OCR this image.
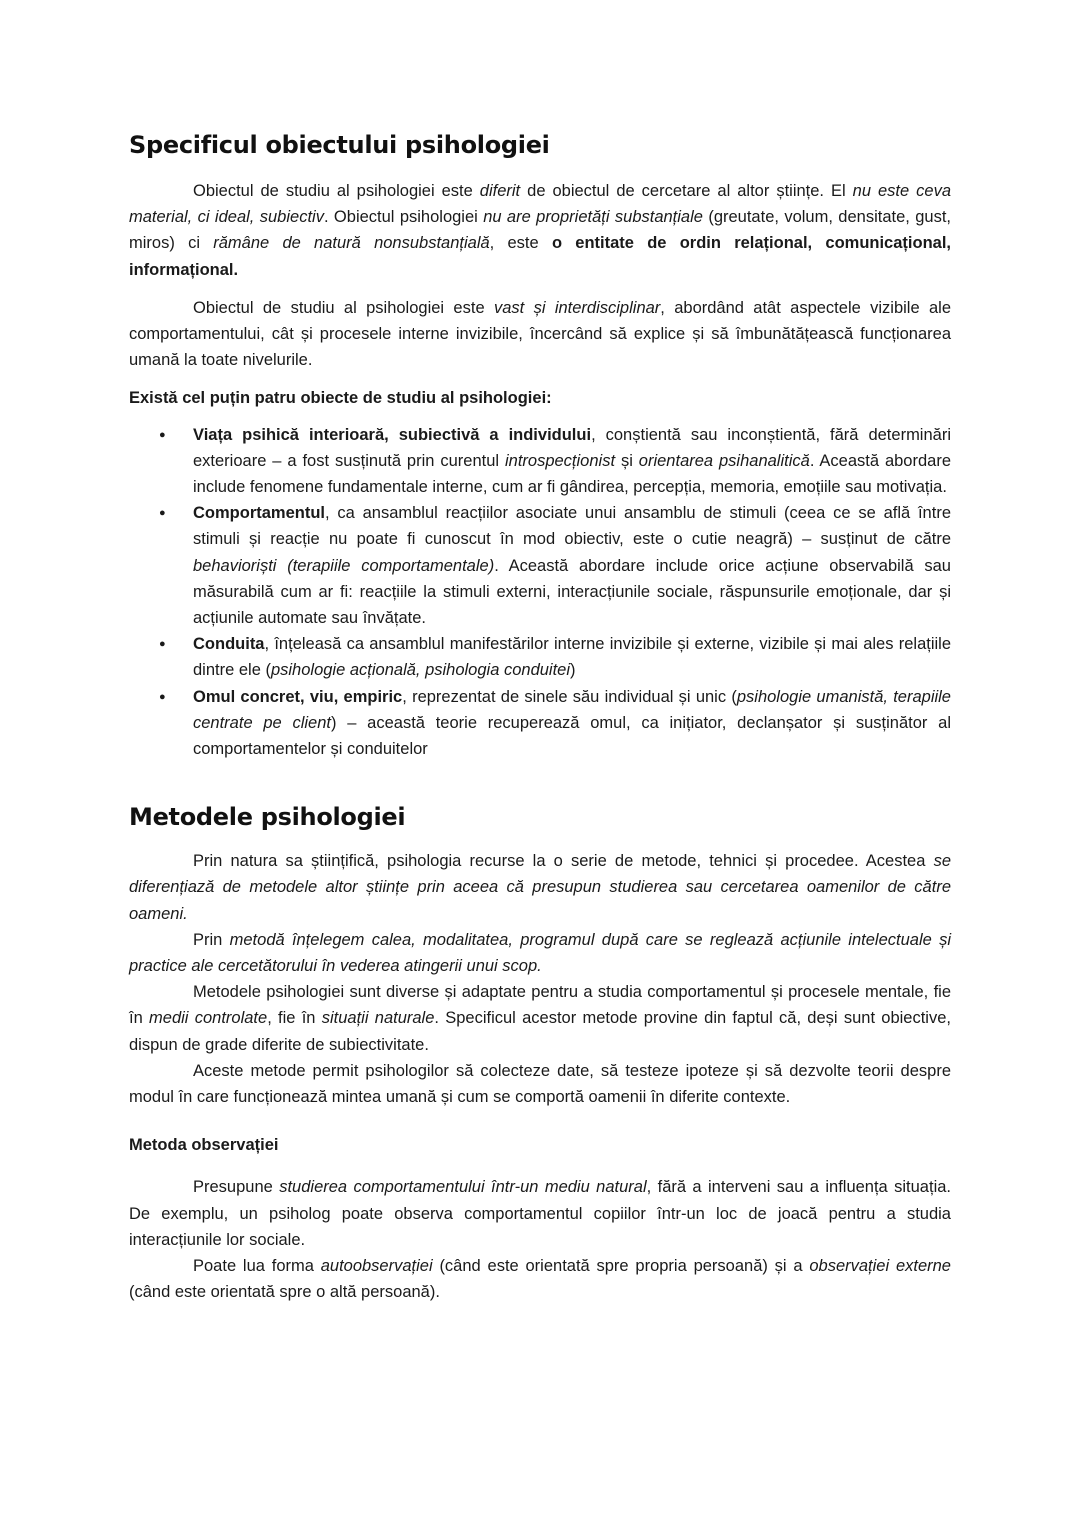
Specificul obiectului psihologiei

Obiectul de studiu al psihologiei este diferit de obiectul de cercetare al altor științe. El nu este ceva material, ci ideal, subiectiv. Obiectul psihologiei nu are proprietăți substanțiale (greutate, volum, densitate, gust, miros) ci rămâne de natură nonsubstanțială, este o entitate de ordin relațional, comunicațional, informațional.

Obiectul de studiu al psihologiei este vast și interdisciplinar, abordând atât aspectele vizibile ale comportamentului, cât și procesele interne invizibile, încercând să explice și să îmbunătățească funcționarea umană la toate nivelurile.

Există cel puțin patru obiecte de studiu al psihologiei:

● Viața psihică interioară, subiectivă a individului, conștientă sau inconștientă, fără determinări exterioare – a fost susținută prin curentul introspecționist și orientarea psihanalitică. Această abordare include fenomene fundamentale interne, cum ar fi gândirea, percepția, memoria, emoțiile sau motivația.
● Comportamentul, ca ansamblul reacțiilor asociate unui ansamblu de stimuli (ceea ce se află între stimuli și reacție nu poate fi cunoscut în mod obiectiv, este o cutie neagră) – susținut de către behavioriști (terapiile comportamentale). Această abordare include orice acțiune observabilă sau măsurabilă cum ar fi: reacțiile la stimuli externi, interacțiunile sociale, răspunsurile emoționale, dar și acțiunile automate sau învățate.
● Conduita, înțeleasă ca ansamblul manifestărilor interne invizibile și externe, vizibile și mai ales relațiile dintre ele (psihologie acțională, psihologia conduitei)
● Omul concret, viu, empiric, reprezentat de sinele său individual și unic (psihologie umanistă, terapiile centrate pe client) – această teorie recuperează omul, ca inițiator, declanșator și susținător al comportamentelor și conduitelor
Metodele psihologiei

Prin natura sa științifică, psihologia recurse la o serie de metode, tehnici și procedee. Acestea se diferențiază de metodele altor științe prin aceea că presupun studierea sau cercetarea oamenilor de către oameni.

Prin metodă înțelegem calea, modalitatea, programul după care se reglează acțiunile intelectuale și practice ale cercetătorului în vederea atingerii unui scop.

Metodele psihologiei sunt diverse și adaptate pentru a studia comportamentul și procesele mentale, fie în medii controlate, fie în situații naturale. Specificul acestor metode provine din faptul că, deși sunt obiective, dispun de grade diferite de subiectivitate.

Aceste metode permit psihologilor să colecteze date, să testeze ipoteze și să dezvolte teorii despre modul în care funcționează mintea umană și cum se comportă oamenii în diferite contexte.

Metoda observației

Presupune studierea comportamentului într-un mediu natural, fără a interveni sau a influența situația. De exemplu, un psiholog poate observa comportamentul copiilor într-un loc de joacă pentru a studia interacțiunile lor sociale.

Poate lua forma autoobservației (când este orientată spre propria persoană) și a observației externe (când este orientată spre o altă persoană).
